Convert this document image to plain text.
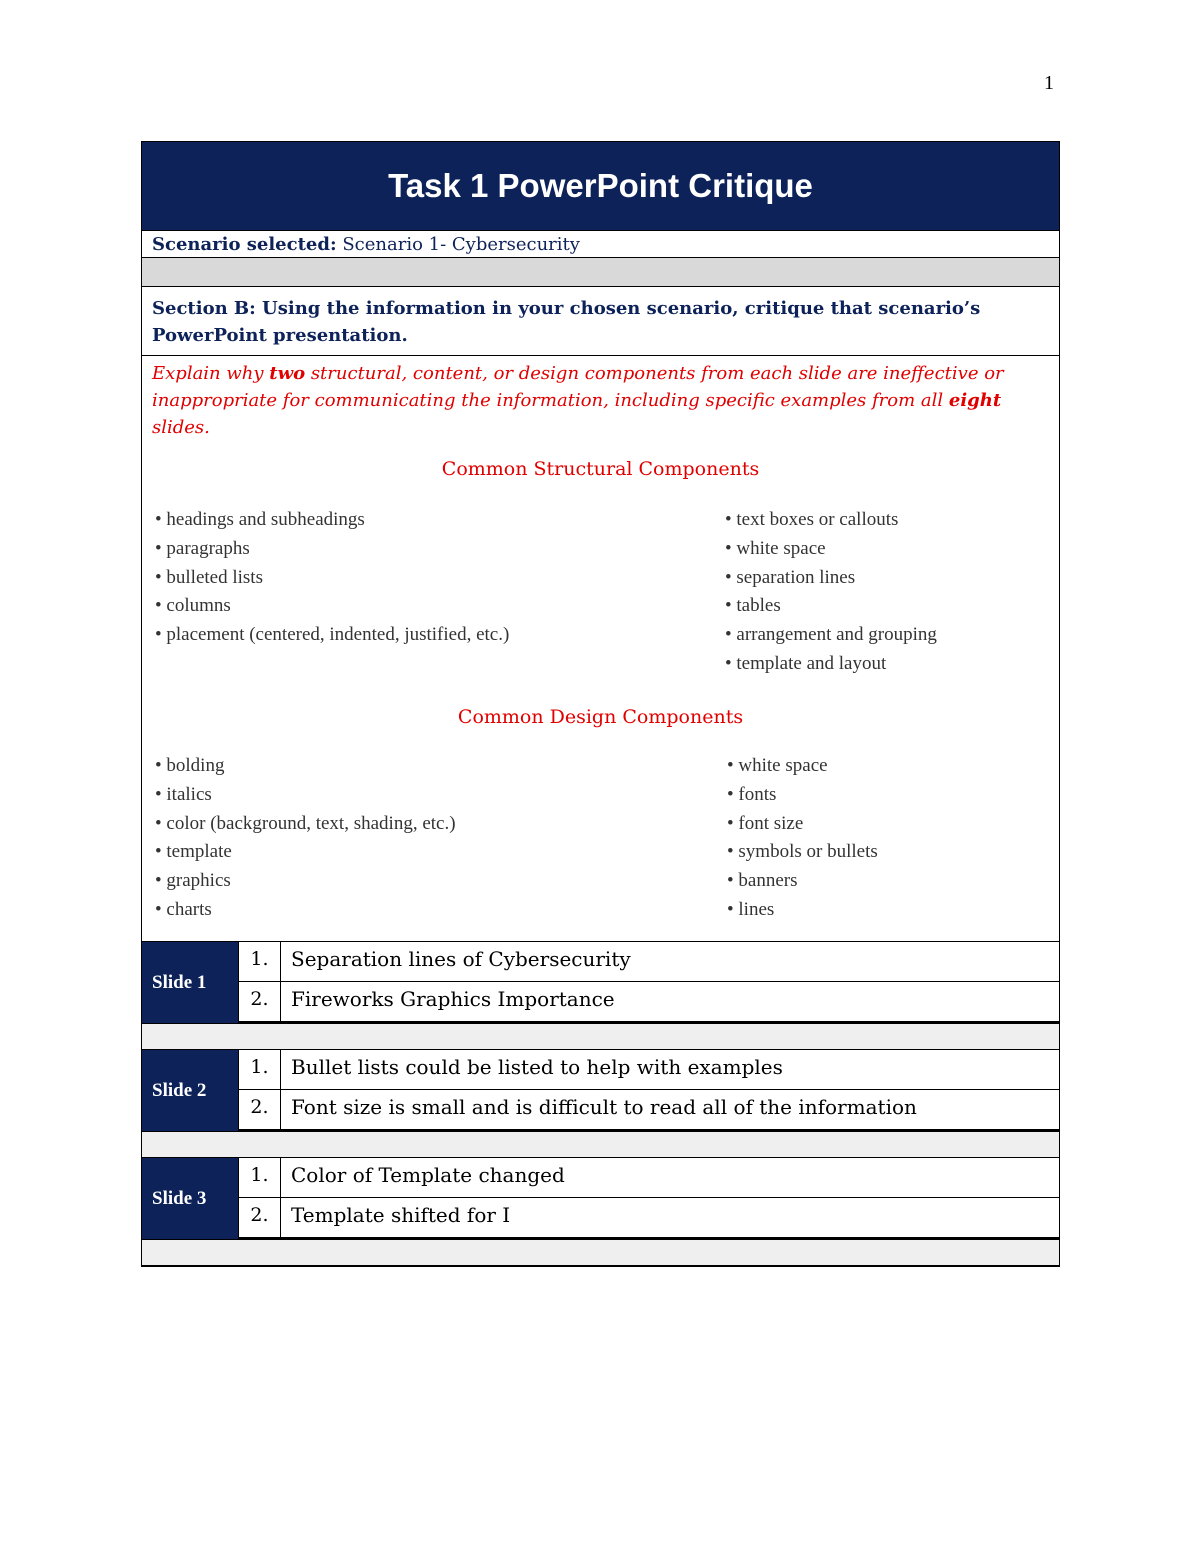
1
Task 1 PowerPoint Critique
Scenario selected: Scenario 1- Cybersecurity
Section B: Using the information in your chosen scenario, critique that scenario’s PowerPoint presentation.
Explain why two structural, content, or design components from each slide are ineffective or inappropriate for communicating the information, including specific examples from all eight slides.
Common Structural Components
• headings and subheadings
• paragraphs
• bulleted lists
• columns
• placement (centered, indented, justified, etc.)
• text boxes or callouts
• white space
• separation lines
• tables
• arrangement and grouping
• template and layout
Common Design Components
• bolding
• italics
• color (background, text, shading, etc.)
• template
• graphics
• charts
• white space
• fonts
• font size
• symbols or bullets
• banners
• lines
Slide 1
1.	Separation lines of Cybersecurity
2.	Fireworks Graphics Importance
Slide 2
1.	Bullet lists could be listed to help with examples
2.	Font size is small and is difficult to read all of the information
Slide 3
1.	Color of Template changed
2.	Template shifted for I
